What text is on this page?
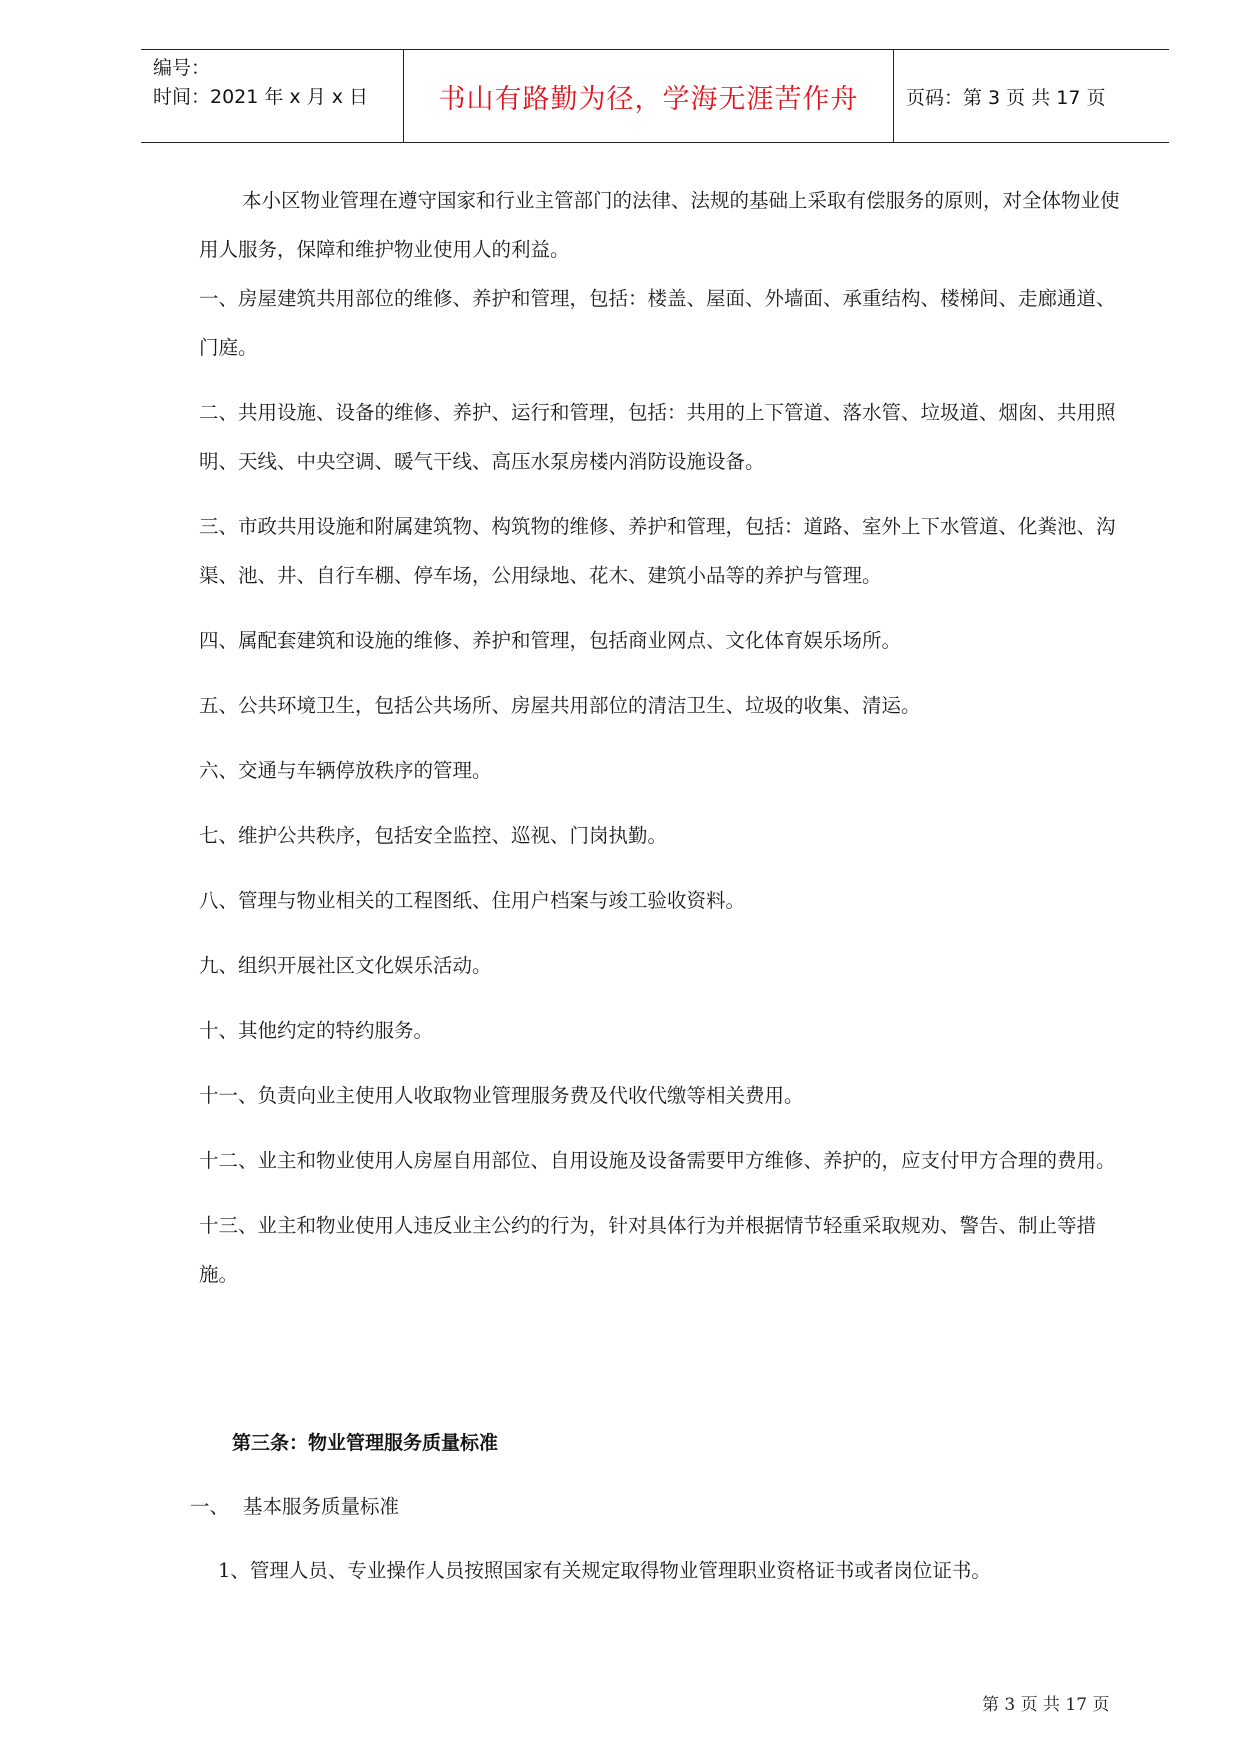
编号：
时间：2021 年 x 月 x 日	书山有路勤为径，学海无涯苦作舟	页码：第 3 页 共 17 页

本小区物业管理在遵守国家和行业主管部门的法律、法规的基础上采取有偿服务的原则，对全体物业使用人服务，保障和维护物业使用人的利益。

一、房屋建筑共用部位的维修、养护和管理，包括：楼盖、屋面、外墙面、承重结构、楼梯间、走廊通道、门庭。

二、共用设施、设备的维修、养护、运行和管理，包括：共用的上下管道、落水管、垃圾道、烟囱、共用照明、天线、中央空调、暖气干线、高压水泵房楼内消防设施设备。

三、市政共用设施和附属建筑物、构筑物的维修、养护和管理，包括：道路、室外上下水管道、化粪池、沟渠、池、井、自行车棚、停车场，公用绿地、花木、建筑小品等的养护与管理。

四、属配套建筑和设施的维修、养护和管理，包括商业网点、文化体育娱乐场所。

五、公共环境卫生，包括公共场所、房屋共用部位的清洁卫生、垃圾的收集、清运。

六、交通与车辆停放秩序的管理。

七、维护公共秩序，包括安全监控、巡视、门岗执勤。

八、管理与物业相关的工程图纸、住用户档案与竣工验收资料。

九、组织开展社区文化娱乐活动。

十、其他约定的特约服务。

十一、负责向业主使用人收取物业管理服务费及代收代缴等相关费用。

十二、业主和物业使用人房屋自用部位、自用设施及设备需要甲方维修、养护的，应支付甲方合理的费用。

十三、业主和物业使用人违反业主公约的行为，针对具体行为并根据情节轻重采取规劝、警告、制止等措施。

第三条：物业管理服务质量标准
一、 基本服务质量标准
1、管理人员、专业操作人员按照国家有关规定取得物业管理职业资格证书或者岗位证书。
第 3 页 共 17 页
